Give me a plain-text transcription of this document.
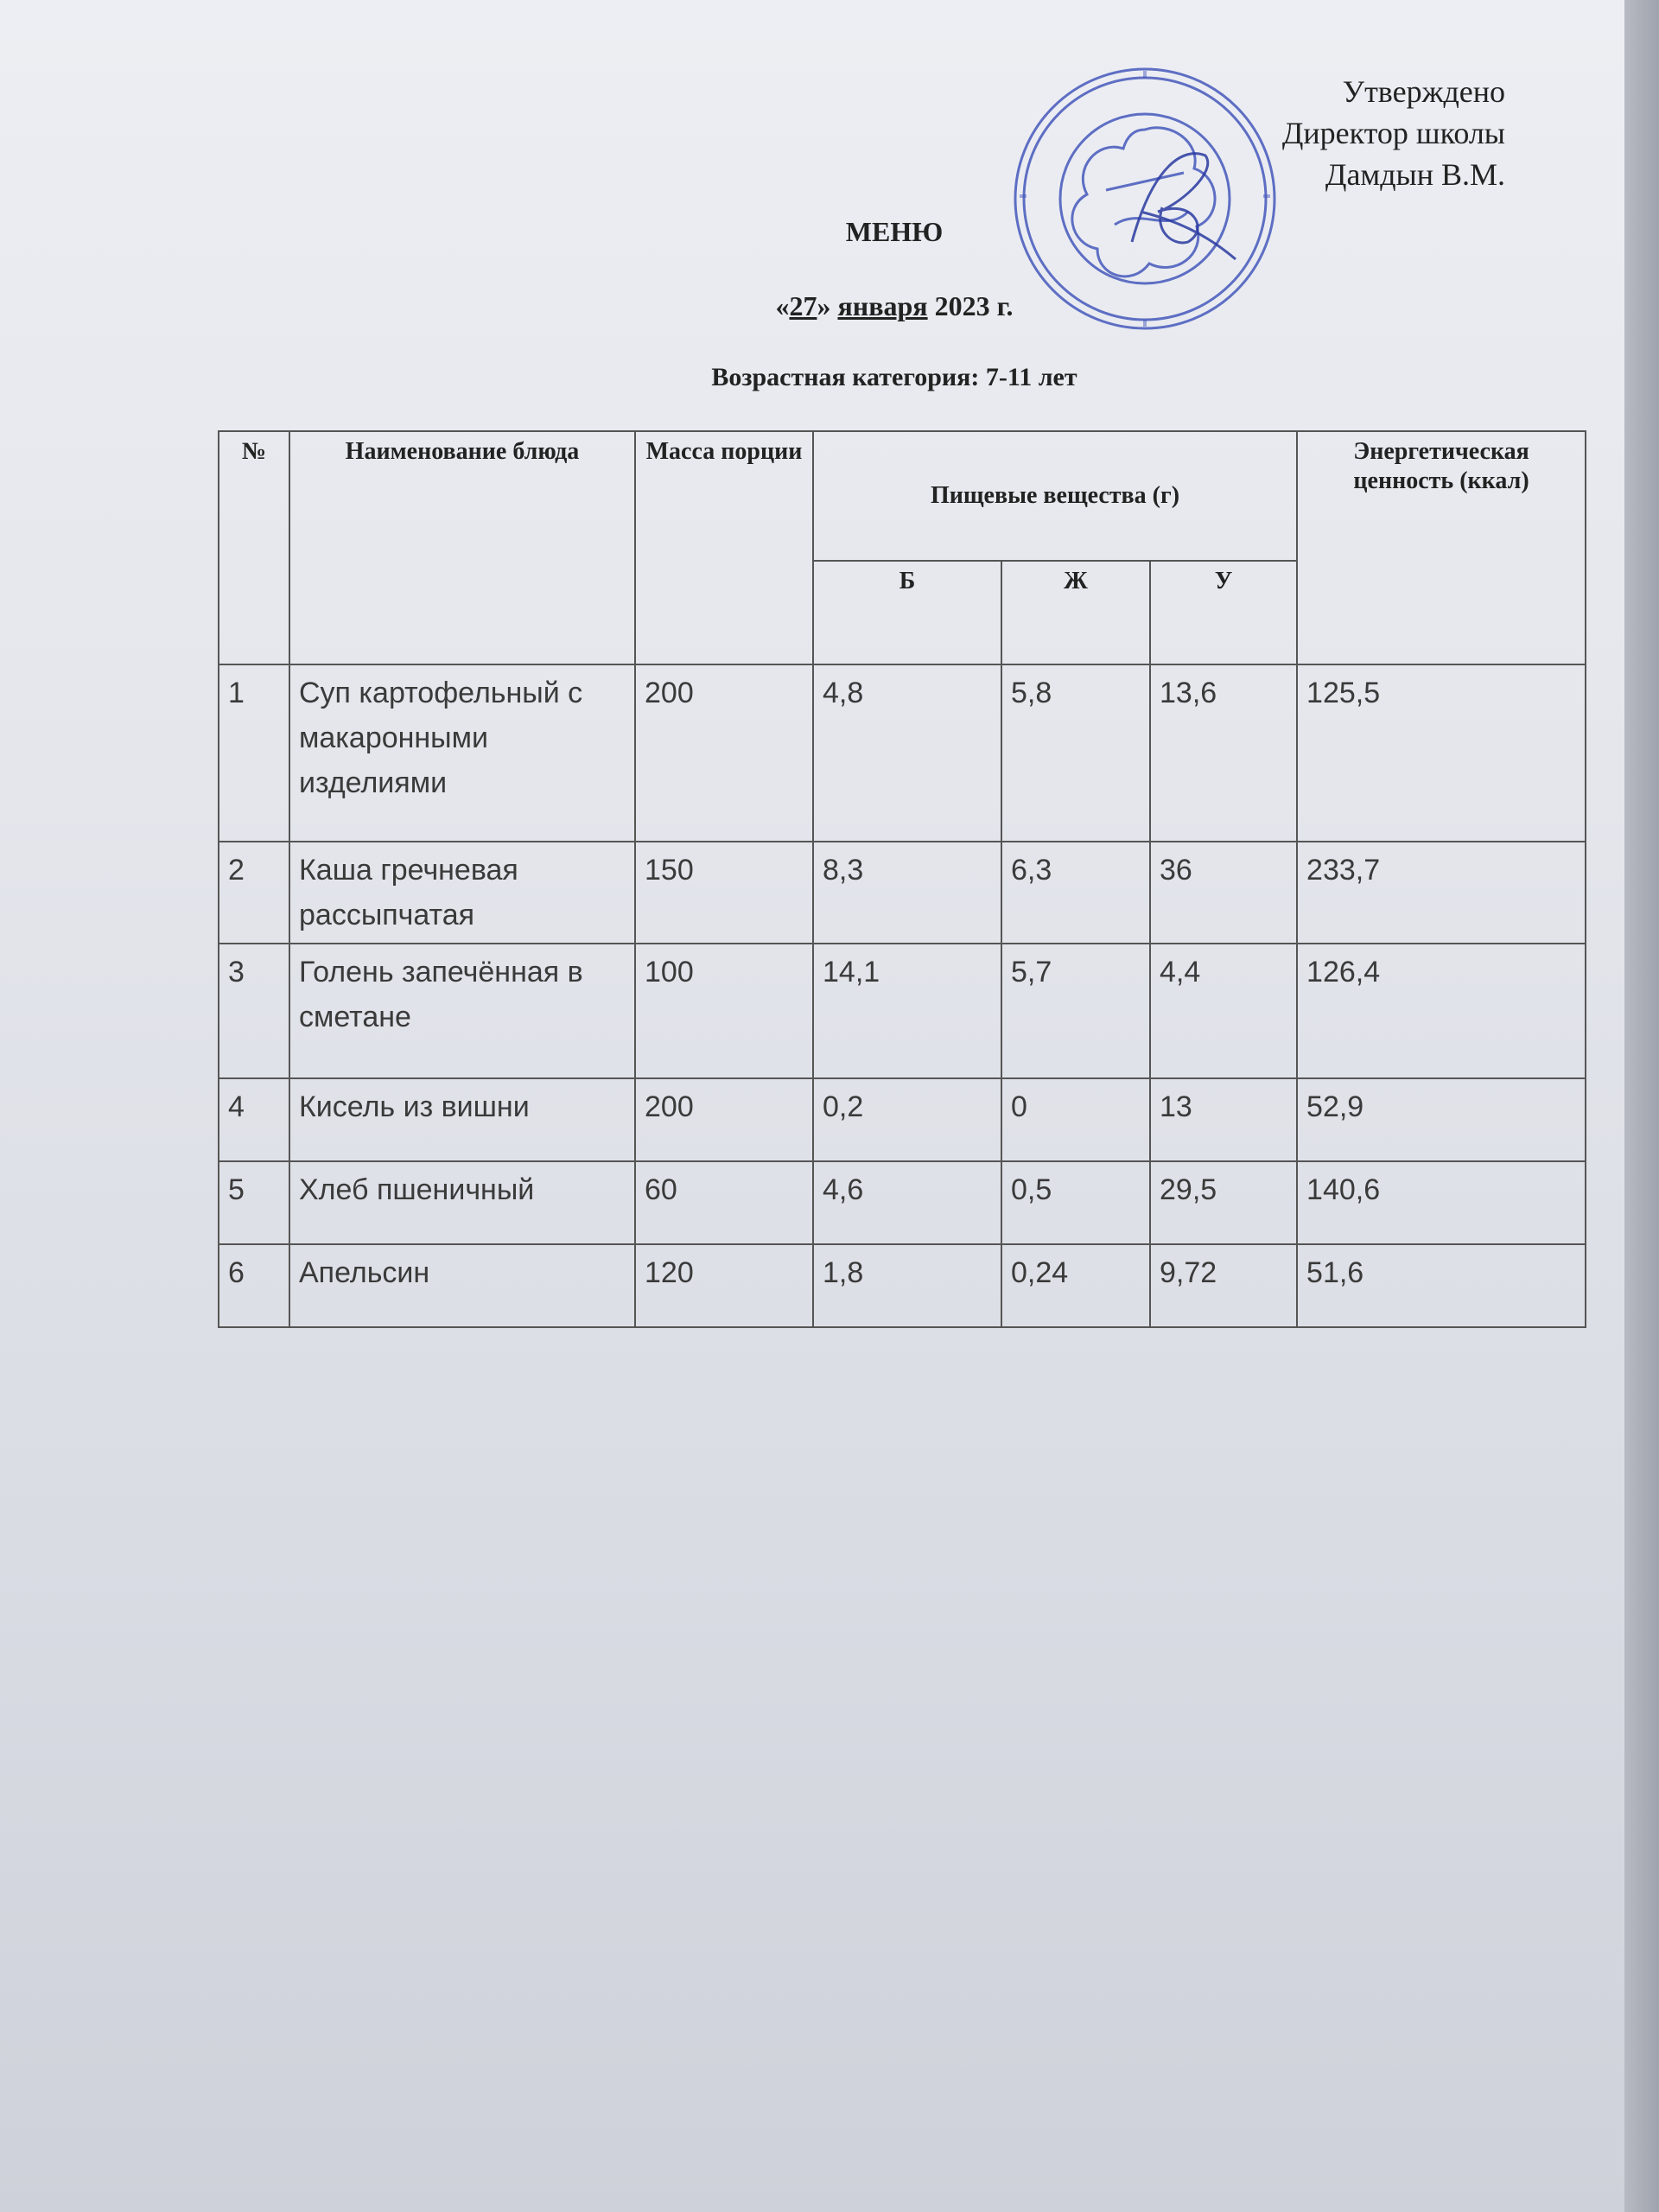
Утверждено
Директор школы
Дамдын В.М.
МЕНЮ
«27» января 2023 г.
Возрастная категория: 7-11 лет
№	Наименование блюда	Масса порции	Пищевые вещества (г)			Энергетическая ценность (ккал)
			Б	Ж	У	
1	Суп картофельный с макаронными изделиями	200	4,8	5,8	13,6	125,5
2	Каша гречневая рассыпчатая	150	8,3	6,3	36	233,7
3	Голень запечённая в сметане	100	14,1	5,7	4,4	126,4
4	Кисель из вишни	200	0,2	0	13	52,9
5	Хлеб пшеничный	60	4,6	0,5	29,5	140,6
6	Апельсин	120	1,8	0,24	9,72	51,6
